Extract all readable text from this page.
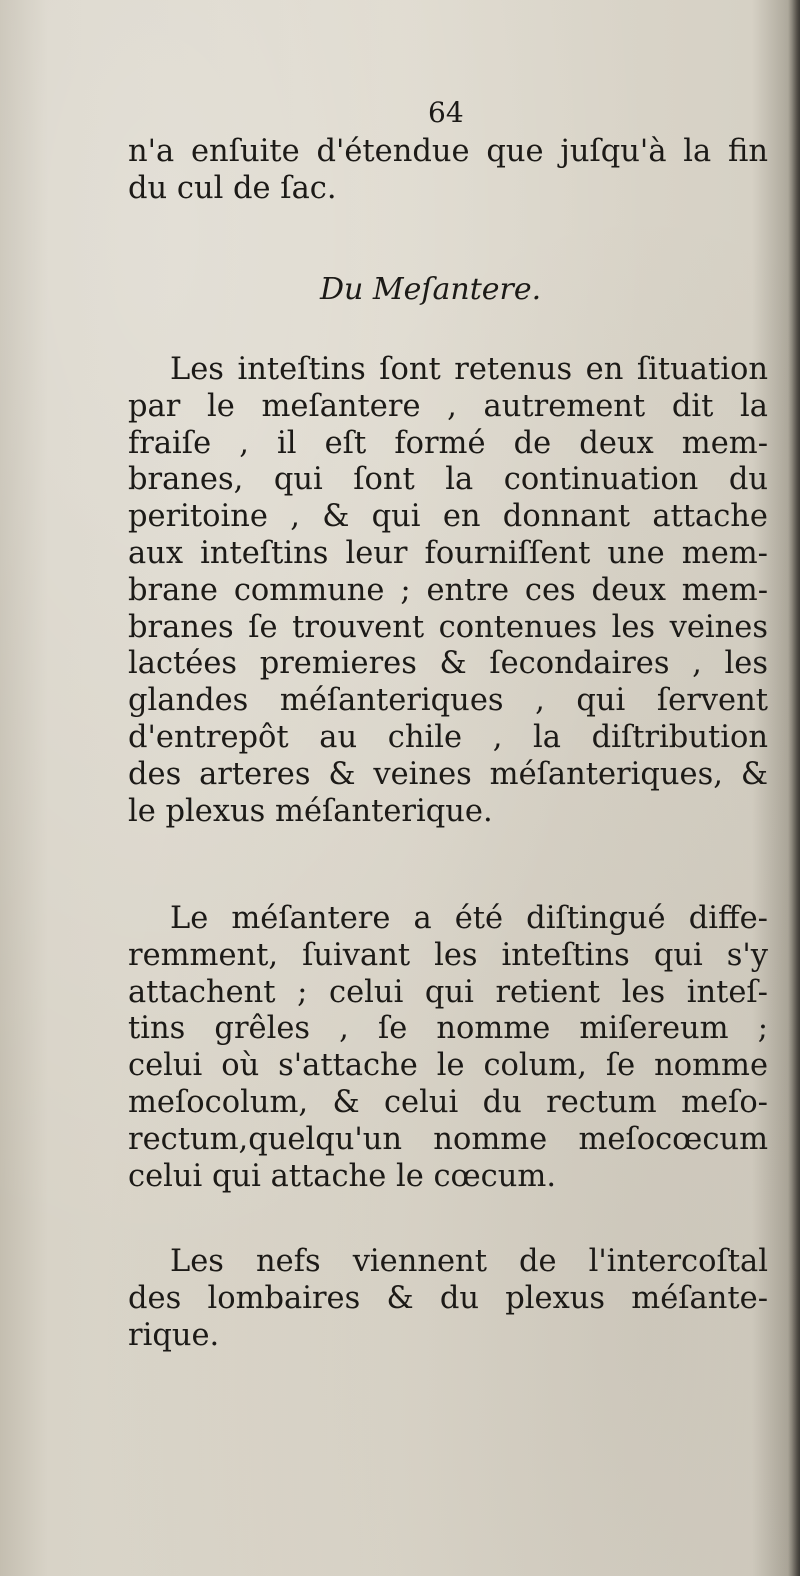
64
n'a enſuite d'étendue que juſqu'à la fin
du cul de ſac.
Du Meſantere.
Les inteſtins ſont retenus en ſituation
par le meſantere , autrement dit la
fraiſe , il eſt formé de deux mem-
branes, qui ſont la continuation du
peritoine , & qui en donnant attache
aux inteſtins leur fourniſſent une mem-
brane commune ; entre ces deux mem-
branes ſe trouvent contenues les veines
lactées premieres & ſecondaires , les
glandes méſanteriques , qui ſervent
d'entrepôt au chile , la diſtribution
des arteres & veines méſanteriques, &
le plexus méſanterique.
Le méſantere a été diſtingué diffe-
remment, ſuivant les inteſtins qui s'y
attachent ; celui qui retient les inteſ-
tins grêles , ſe nomme miſereum ;
celui où s'attache le colum, ſe nomme
meſocolum, & celui du rectum meſo-
rectum,quelqu'un nomme meſocœcum
celui qui attache le cœcum.
Les nefs viennent de l'intercoſtal
des lombaires & du plexus méſante-
rique.
